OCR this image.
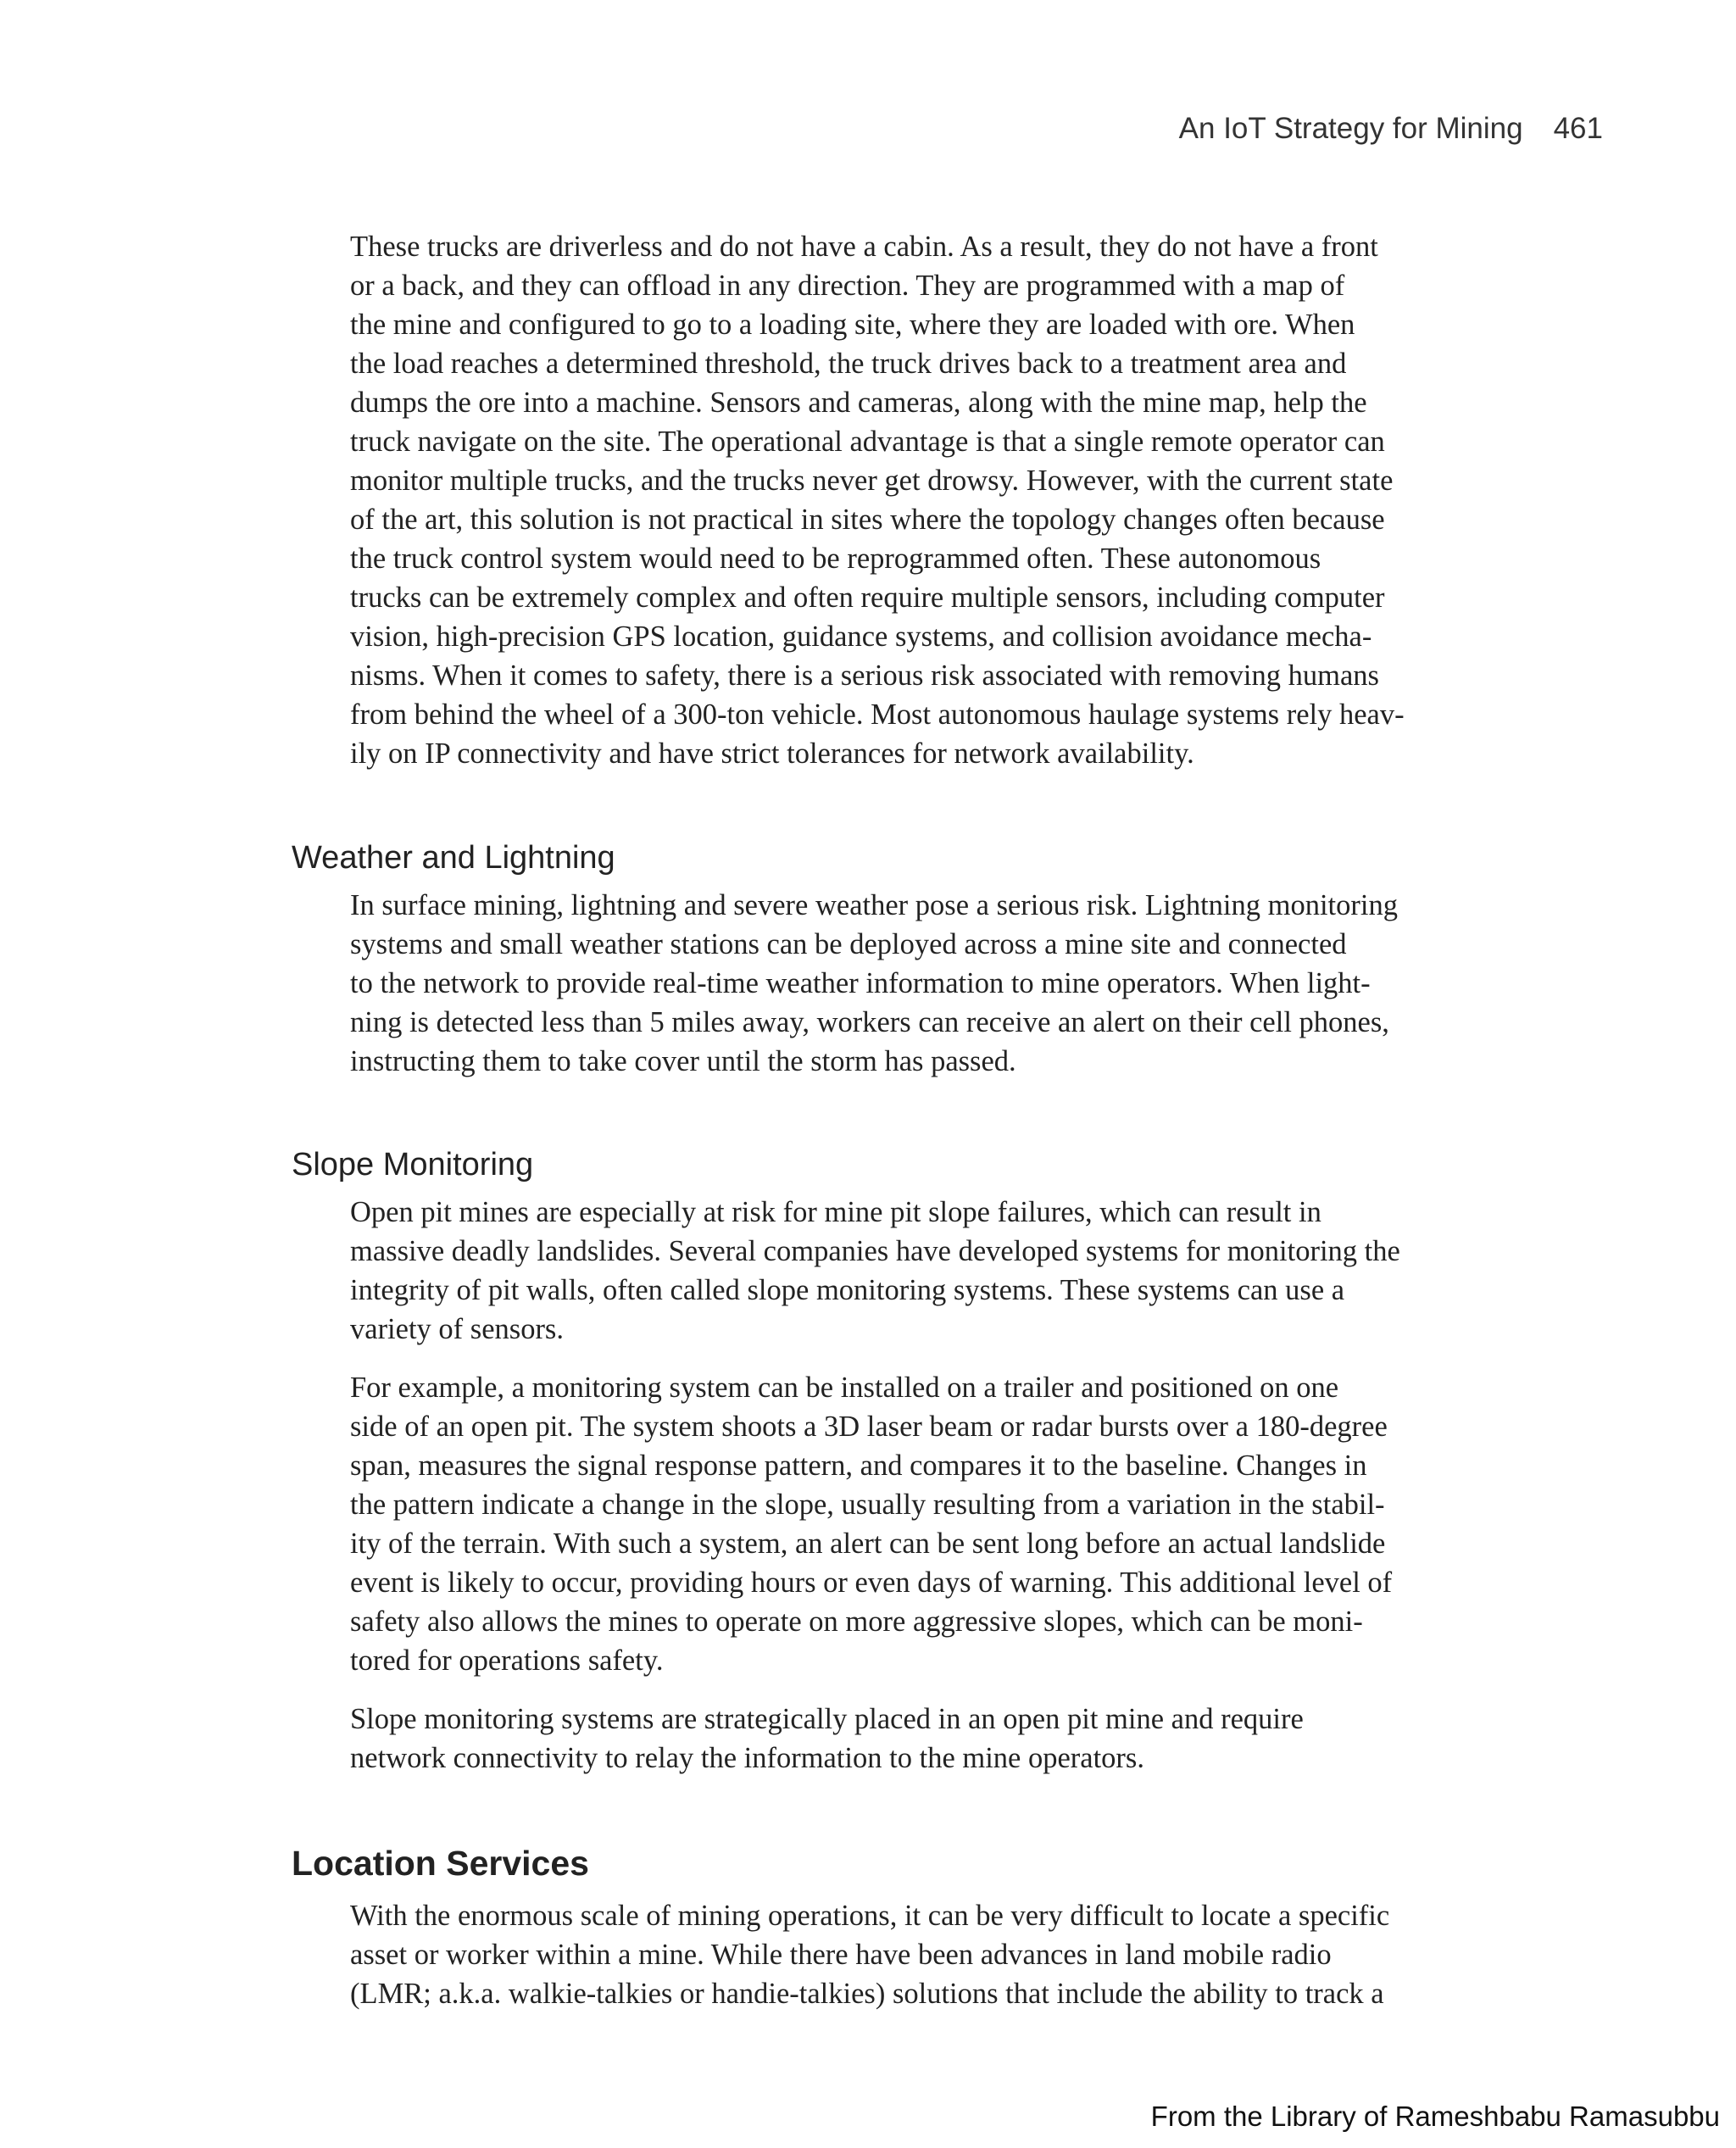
An IoT Strategy for Mining 461

These trucks are driverless and do not have a cabin. As a result, they do not have a front
or a back, and they can offload in any direction. They are programmed with a map of
the mine and configured to go to a loading site, where they are loaded with ore. When
the load reaches a determined threshold, the truck drives back to a treatment area and
dumps the ore into a machine. Sensors and cameras, along with the mine map, help the
truck navigate on the site. The operational advantage is that a single remote operator can
monitor multiple trucks, and the trucks never get drowsy. However, with the current state
of the art, this solution is not practical in sites where the topology changes often because
the truck control system would need to be reprogrammed often. These autonomous
trucks can be extremely complex and often require multiple sensors, including computer
vision, high-precision GPS location, guidance systems, and collision avoidance mecha-
nisms. When it comes to safety, there is a serious risk associated with removing humans
from behind the wheel of a 300-ton vehicle. Most autonomous haulage systems rely heav-
ily on IP connectivity and have strict tolerances for network availability.

Weather and Lightning

In surface mining, lightning and severe weather pose a serious risk. Lightning monitoring
systems and small weather stations can be deployed across a mine site and connected
to the network to provide real-time weather information to mine operators. When light-
ning is detected less than 5 miles away, workers can receive an alert on their cell phones,
instructing them to take cover until the storm has passed.

Slope Monitoring

Open pit mines are especially at risk for mine pit slope failures, which can result in
massive deadly landslides. Several companies have developed systems for monitoring the
integrity of pit walls, often called slope monitoring systems. These systems can use a
variety of sensors.

For example, a monitoring system can be installed on a trailer and positioned on one
side of an open pit. The system shoots a 3D laser beam or radar bursts over a 180-degree
span, measures the signal response pattern, and compares it to the baseline. Changes in
the pattern indicate a change in the slope, usually resulting from a variation in the stabil-
ity of the terrain. With such a system, an alert can be sent long before an actual landslide
event is likely to occur, providing hours or even days of warning. This additional level of
safety also allows the mines to operate on more aggressive slopes, which can be moni-
tored for operations safety.

Slope monitoring systems are strategically placed in an open pit mine and require
network connectivity to relay the information to the mine operators.

Location Services

With the enormous scale of mining operations, it can be very difficult to locate a specific
asset or worker within a mine. While there have been advances in land mobile radio
(LMR; a.k.a. walkie-talkies or handie-talkies) solutions that include the ability to track a

From the Library of Rameshbabu Ramasubbu
